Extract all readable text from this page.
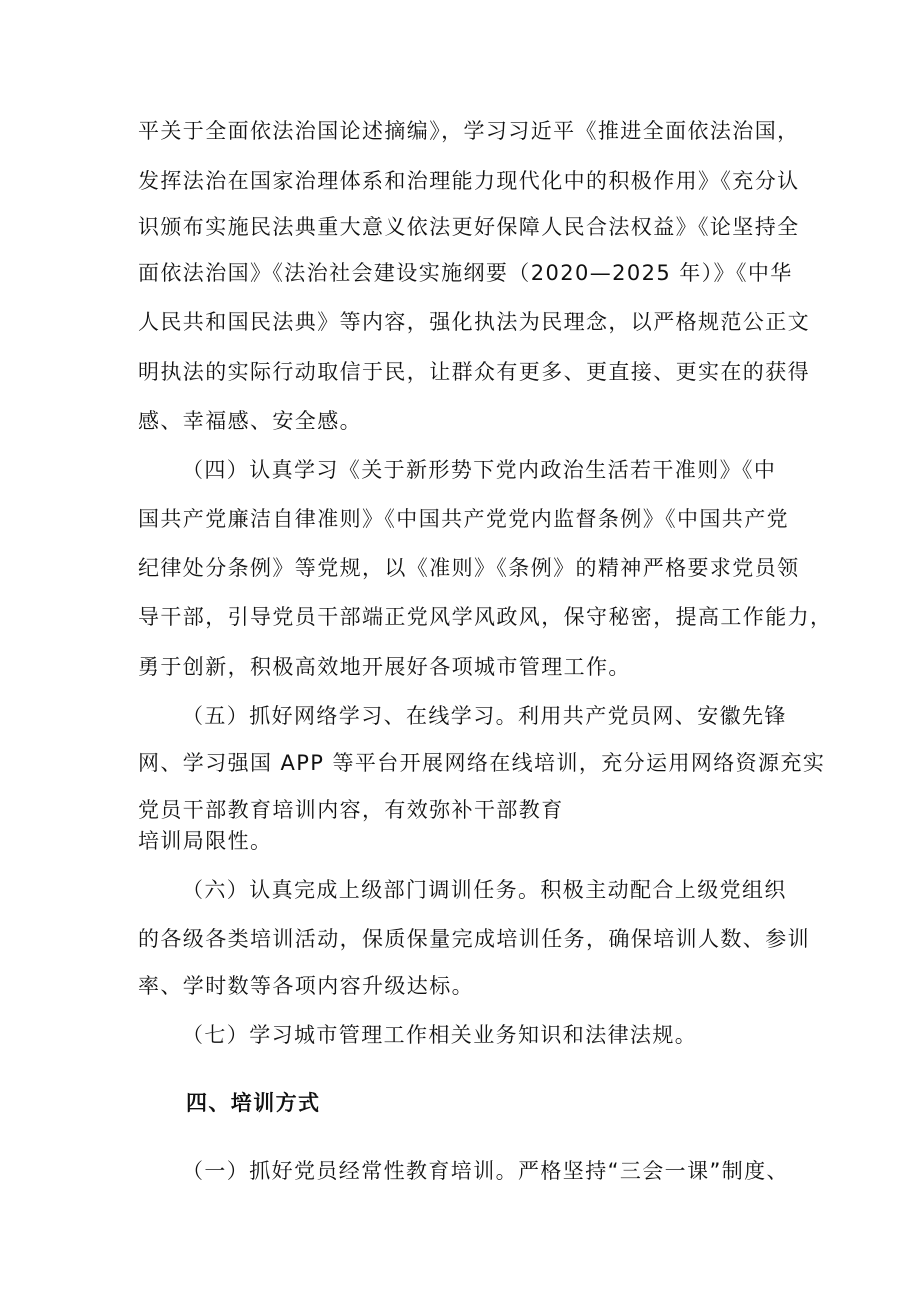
平关于全面依法治国论述摘编》，学习习近平《推进全面依法治国，
发挥法治在国家治理体系和治理能力现代化中的积极作用》《充分认
识颁布实施民法典重大意义依法更好保障人民合法权益》《论坚持全
面依法治国》《法治社会建设实施纲要（2020—2025 年）》《中华
人民共和国民法典》等内容，强化执法为民理念，以严格规范公正文
明执法的实际行动取信于民，让群众有更多、更直接、更实在的获得
感、幸福感、安全感。
（四）认真学习《关于新形势下党内政治生活若干准则》《中
国共产党廉洁自律准则》《中国共产党党内监督条例》《中国共产党
纪律处分条例》等党规，以《准则》《条例》的精神严格要求党员领
导干部，引导党员干部端正党风学风政风，保守秘密，提高工作能力，
勇于创新，积极高效地开展好各项城市管理工作。
（五）抓好网络学习、在线学习。利用共产党员网、安徽先锋
网、学习强国 APP 等平台开展网络在线培训，充分运用网络资源充实
党员干部教育培训内容，有效弥补干部教育
培训局限性。
（六）认真完成上级部门调训任务。积极主动配合上级党组织
的各级各类培训活动，保质保量完成培训任务，确保培训人数、参训
率、学时数等各项内容升级达标。
（七）学习城市管理工作相关业务知识和法律法规。
四、培训方式
（一）抓好党员经常性教育培训。严格坚持“三会一课”制度、
